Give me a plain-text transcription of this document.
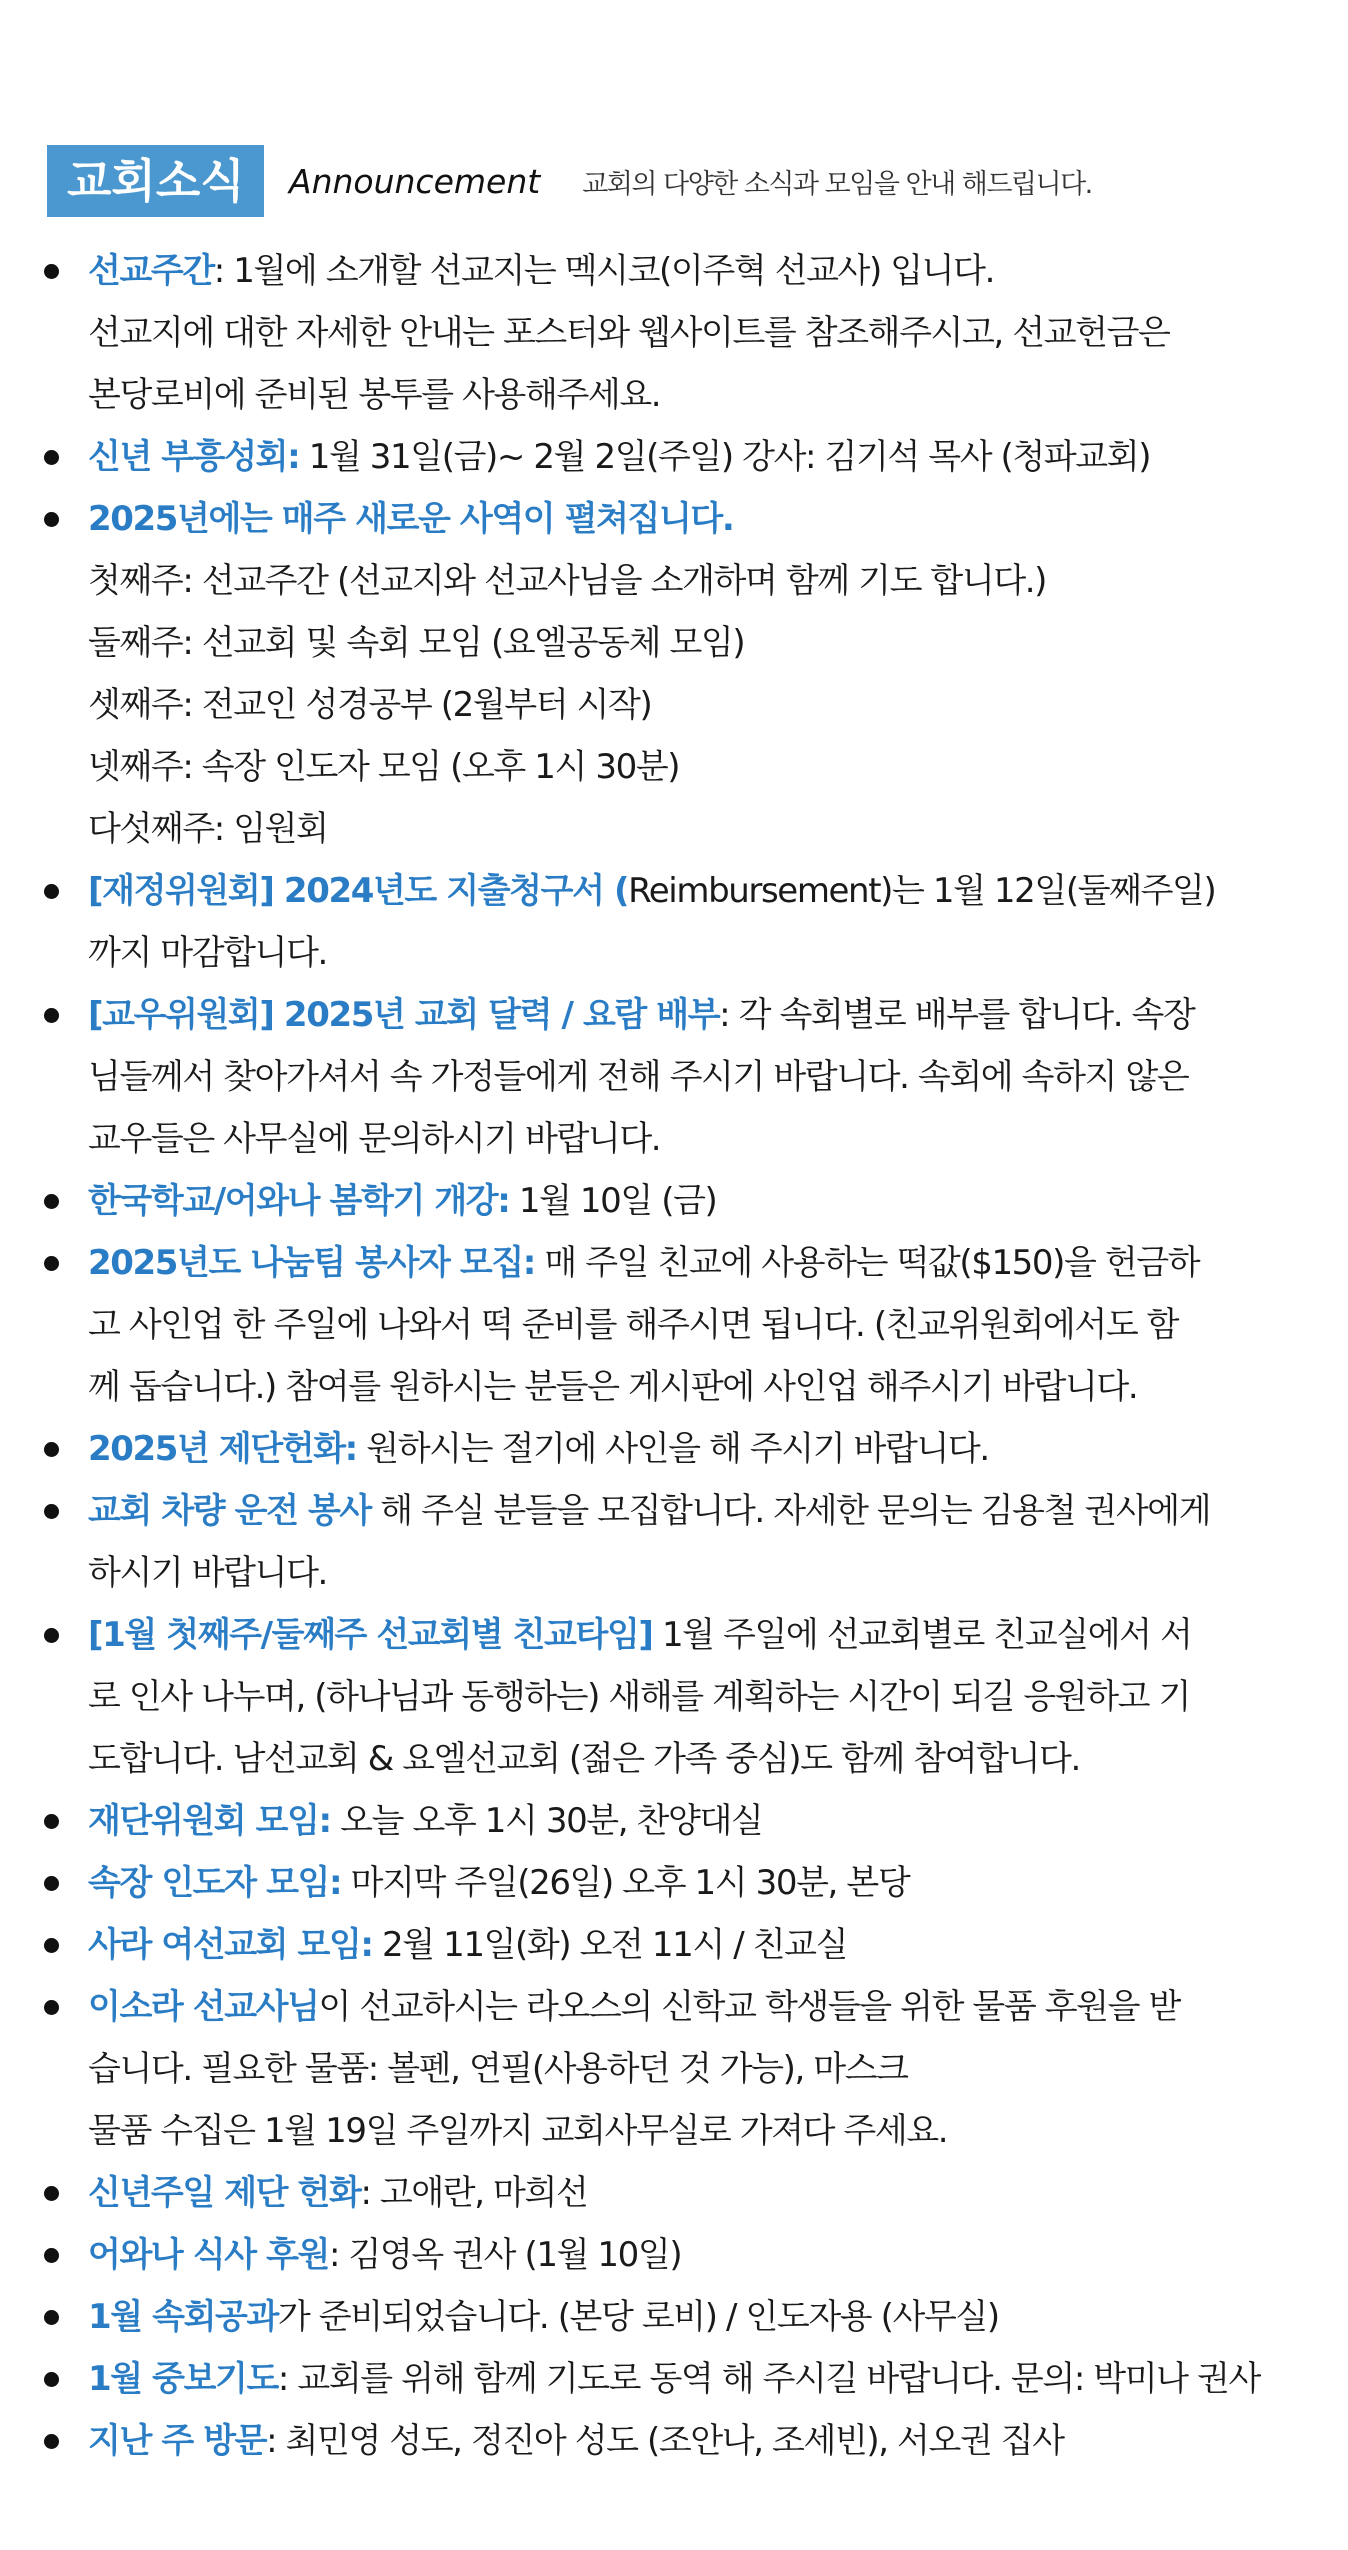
교회소식	Announcement 교회의 다양한 소식과 모임을 안내 해드립니다.
선교주간: 1월에 소개할 선교지는 멕시코(이주혁 선교사) 입니다.
선교지에 대한 자세한 안내는 포스터와 웹사이트를 참조해주시고, 선교헌금은
본당로비에 준비된 봉투를 사용해주세요.
신년 부흥성회: 1월 31일(금)~ 2월 2일(주일) 강사: 김기석 목사 (청파교회)
2025년에는 매주 새로운 사역이 펼쳐집니다.
첫째주: 선교주간 (선교지와 선교사님을 소개하며 함께 기도 합니다.)
둘째주: 선교회 및 속회 모임 (요엘공동체 모임)
셋째주: 전교인 성경공부 (2월부터 시작)
넷째주: 속장 인도자 모임 (오후 1시 30분)
다섯째주: 임원회
[재정위원회] 2024년도 지출청구서 (Reimbursement)는 1월 12일(둘째주일)
까지 마감합니다.
[교우위원회] 2025년 교회 달력 / 요람 배부: 각 속회별로 배부를 합니다. 속장
님들께서 찾아가셔서 속 가정들에게 전해 주시기 바랍니다. 속회에 속하지 않은
교우들은 사무실에 문의하시기 바랍니다.
한국학교/어와나 봄학기 개강: 1월 10일 (금)
2025년도 나눔팀 봉사자 모집: 매 주일 친교에 사용하는 떡값($150)을 헌금하
고 사인업 한 주일에 나와서 떡 준비를 해주시면 됩니다. (친교위원회에서도 함
께 돕습니다.) 참여를 원하시는 분들은 게시판에 사인업 해주시기 바랍니다.
2025년 제단헌화: 원하시는 절기에 사인을 해 주시기 바랍니다.
교회 차량 운전 봉사 해 주실 분들을 모집합니다. 자세한 문의는 김용철 권사에게
하시기 바랍니다.
[1월 첫째주/둘째주 선교회별 친교타임] 1월 주일에 선교회별로 친교실에서 서
로 인사 나누며, (하나님과 동행하는) 새해를 계획하는 시간이 되길 응원하고 기
도합니다. 남선교회 & 요엘선교회 (젊은 가족 중심)도 함께 참여합니다.
재단위원회 모임: 오늘 오후 1시 30분, 찬양대실
속장 인도자 모임: 마지막 주일(26일) 오후 1시 30분, 본당
사라 여선교회 모임: 2월 11일(화) 오전 11시 / 친교실
이소라 선교사님이 선교하시는 라오스의 신학교 학생들을 위한 물품 후원을 받
습니다. 필요한 물품: 볼펜, 연필(사용하던 것 가능), 마스크
물품 수집은 1월 19일 주일까지 교회사무실로 가져다 주세요.
신년주일 제단 헌화: 고애란, 마희선
어와나 식사 후원: 김영옥 권사 (1월 10일)
1월 속회공과가 준비되었습니다. (본당 로비) / 인도자용 (사무실)
1월 중보기도: 교회를 위해 함께 기도로 동역 해 주시길 바랍니다. 문의: 박미나 권사
지난 주 방문: 최민영 성도, 정진아 성도 (조안나, 조세빈), 서오권 집사
